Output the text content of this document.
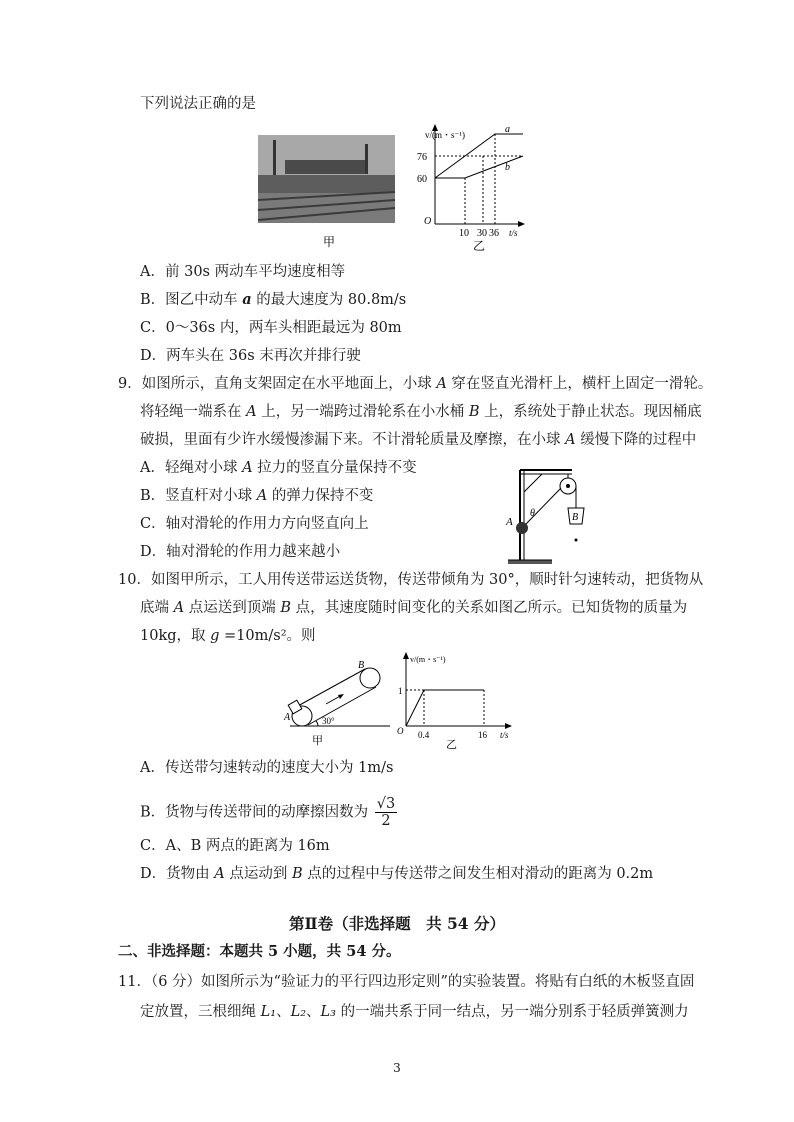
下列说法正确的是
甲
v/(m・s⁻¹)
76
60
O
10 30 36 t/s
a
b
乙
A．前 30s 两动车平均速度相等
B．图乙中动车 a 的最大速度为 80.8m/s
C．0～36s 内，两车头相距最远为 80m
D．两车头在 36s 末再次并排行驶
9．如图所示，直角支架固定在水平地面上，小球 A 穿在竖直光滑杆上，横杆上固定一滑轮。
将轻绳一端系在 A 上，另一端跨过滑轮系在小水桶 B 上，系统处于静止状态。现因桶底
破损，里面有少许水缓慢渗漏下来。不计滑轮质量及摩擦，在小球 A 缓慢下降的过程中
A．轻绳对小球 A 拉力的竖直分量保持不变
B．竖直杆对小球 A 的弹力保持不变
C．轴对滑轮的作用力方向竖直向上
D．轴对滑轮的作用力越来越小
A
θ	B
10．如图甲所示，工人用传送带运送货物，传送带倾角为 30°，顺时针匀速转动，把货物从
底端 A 点运送到顶端 B 点，其速度随时间变化的关系如图乙所示。已知货物的质量为
10kg，取 g =10m/s²。则
A
B
30°
甲
v/(m・s⁻¹)
1
O 0.4	16 t/s
乙
A．传送带匀速转动的速度大小为 1m/s
B．货物与传送带间的动摩擦因数为 $\frac{√3}{2}$
C．A、B 两点的距离为 16m
D．货物由 A 点运动到 B 点的过程中与传送带之间发生相对滑动的距离为 0.2m
第Ⅱ卷（非选择题　共 54 分）
二、非选择题：本题共 5 小题，共 54 分。
11．（6 分）如图所示为“验证力的平行四边形定则”的实验装置。将贴有白纸的木板竖直固
定放置，三根细绳 L₁、L₂、L₃ 的一端共系于同一结点，另一端分别系于轻质弹簧测力
3
